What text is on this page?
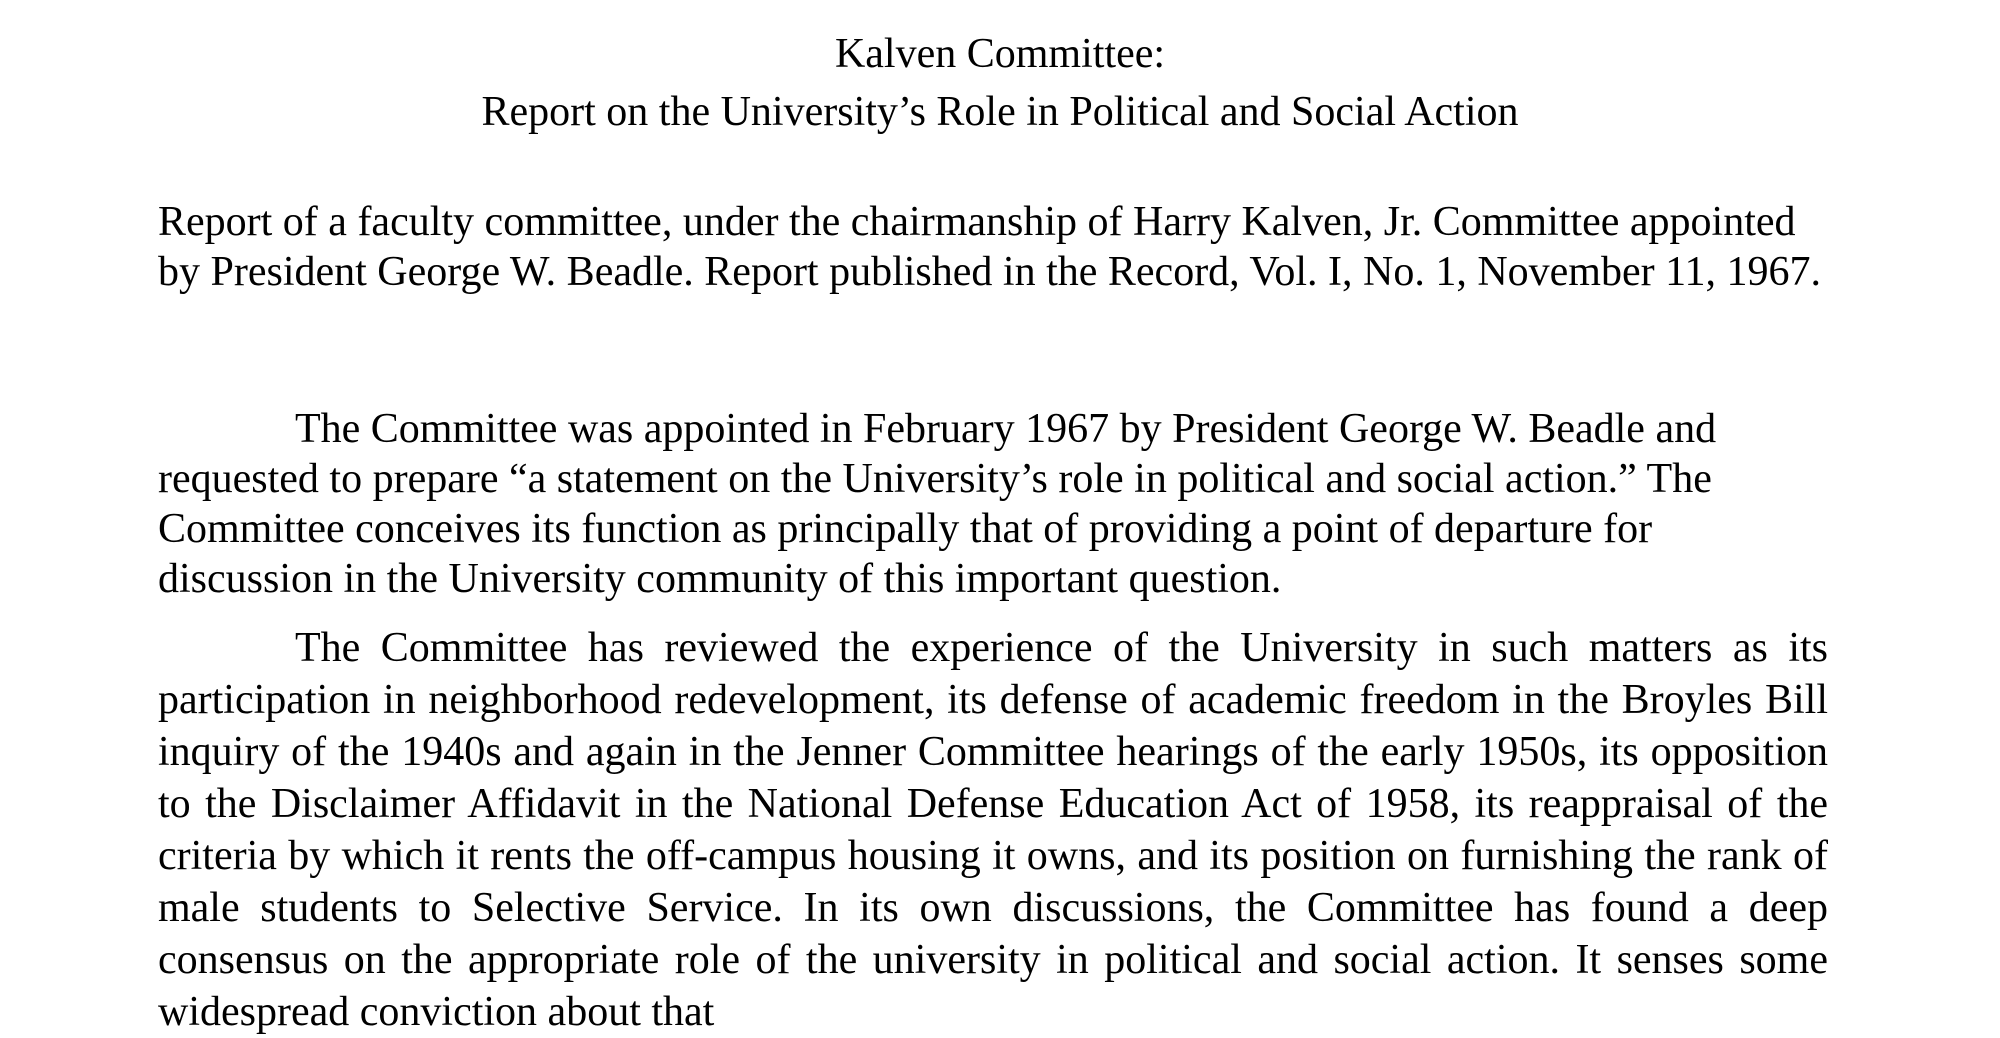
Kalven Committee:
Report on the University’s Role in Political and Social Action
Report of a faculty committee, under the chairmanship of Harry Kalven, Jr. Committee appointed by President George W. Beadle. Report published in the Record, Vol. I, No. 1, November 11, 1967.
The Committee was appointed in February 1967 by President George W. Beadle and requested to prepare “a statement on the University’s role in political and social action.” The Committee conceives its function as principally that of providing a point of departure for discussion in the University community of this important question.
The Committee has reviewed the experience of the University in such matters as its participation in neighborhood redevelopment, its defense of academic freedom in the Broyles Bill inquiry of the 1940s and again in the Jenner Committee hearings of the early 1950s, its opposition to the Disclaimer Affidavit in the National Defense Education Act of 1958, its reappraisal of the criteria by which it rents the off-campus housing it owns, and its position on furnishing the rank of male students to Selective Service. In its own discussions, the Committee has found a deep consensus on the appropriate role of the university in political and social action. It senses some widespread conviction about that
